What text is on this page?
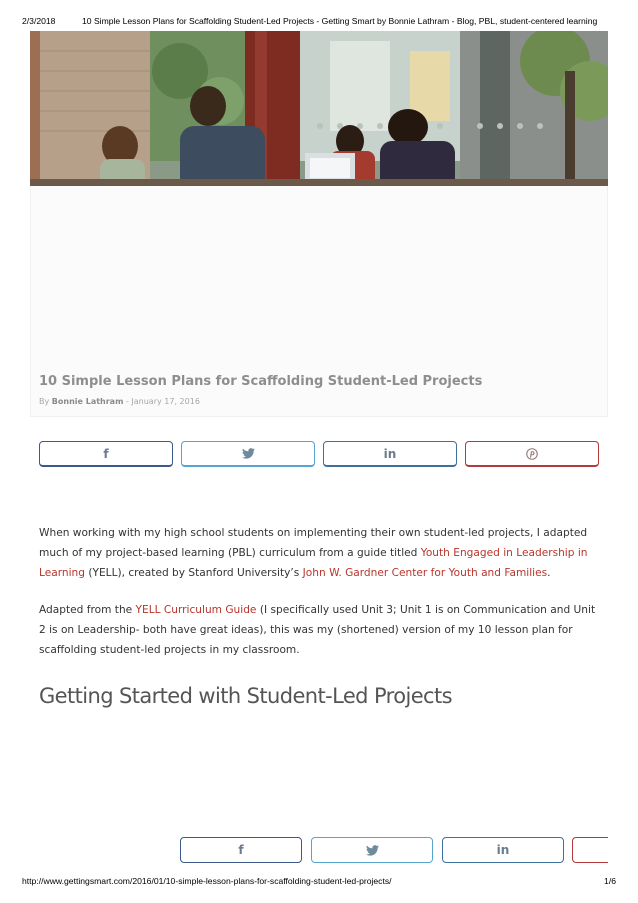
2/3/2018	10 Simple Lesson Plans for Scaffolding Student-Led Projects - Getting Smart by Bonnie Lathram - Blog, PBL, student-centered learning
10 Simple Lesson Plans for Scaffolding Student-Led Projects
By Bonnie Lathram - January 17, 2016
f	in

When working with my high school students on implementing their own student-led projects, I adapted much of my project-based learning (PBL) curriculum from a guide titled Youth Engaged in Leadership in Learning (YELL), created by Stanford University’s John W. Gardner Center for Youth and Families.

Adapted from the YELL Curriculum Guide (I specifically used Unit 3; Unit 1 is on Communication and Unit 2 is on Leadership- both have great ideas), this was my (shortened) version of my 10 lesson plan for scaffolding student-led projects in my classroom.

Getting Started with Student-Led Projects
f	in
http://www.gettingsmart.com/2016/01/10-simple-lesson-plans-for-scaffolding-student-led-projects/	1/6
